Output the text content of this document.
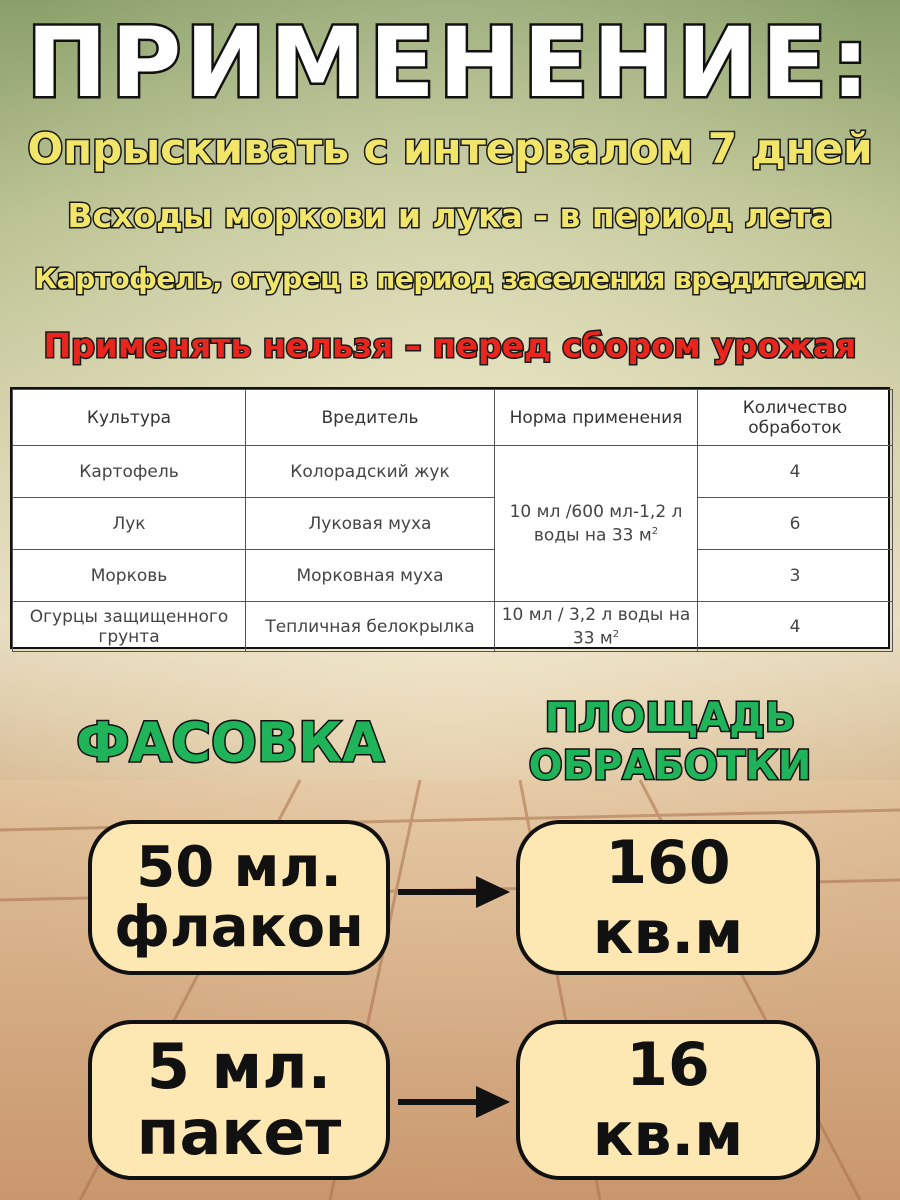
ПРИМЕНЕНИЕ:
Опрыскивать с интервалом 7 дней
Всходы моркови и лука - в период лета
Картофель, огурец в период заселения вредителем
Применять нельзя – перед сбором урожая
Культура	Вредитель	Норма применения	Количество обработок
Картофель	Колорадский жук	10 мл /600 мл-1,2 л воды на 33 $м^2$	4
Лук	Луковая муха		6
Морковь	Морковная муха		3
Огурцы защищенного грунта	Тепличная белокрылка	10 мл / 3,2 л воды на 33 $м^2$	4
ФАСОВКА	ПЛОЩАДЬ
ОБРАБОТКИ
50 мл.
флакон
160
кв.м
5 мл.
пакет
16
кв.м
